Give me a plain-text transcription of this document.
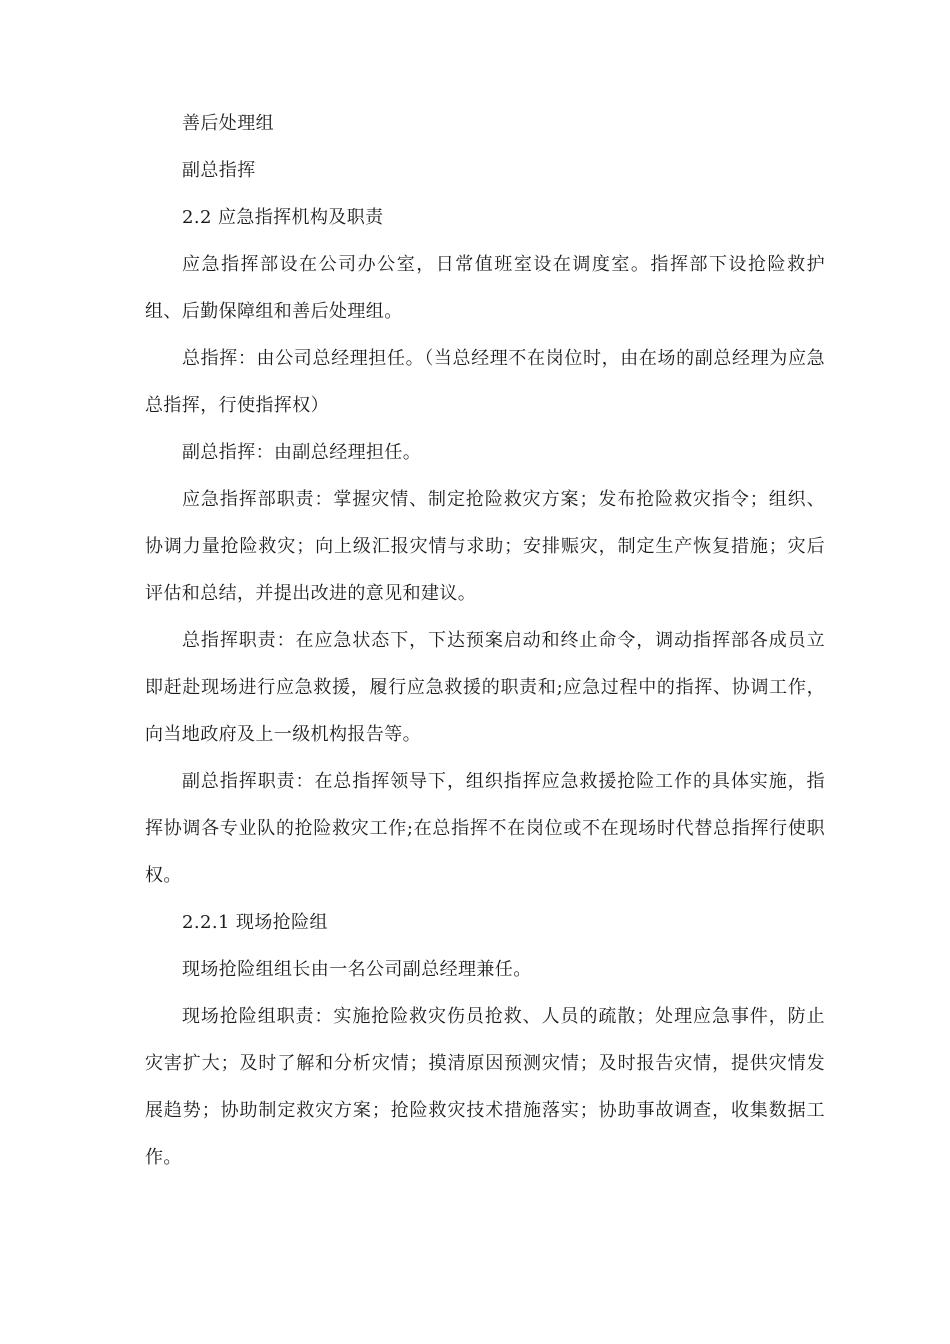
善后处理组

副总指挥

2.2 应急指挥机构及职责

应急指挥部设在公司办公室，日常值班室设在调度室。指挥部下设抢险救护组、后勤保障组和善后处理组。

总指挥：由公司总经理担任。（当总经理不在岗位时，由在场的副总经理为应急总指挥，行使指挥权）

副总指挥：由副总经理担任。

应急指挥部职责：掌握灾情、制定抢险救灾方案；发布抢险救灾指令；组织、协调力量抢险救灾；向上级汇报灾情与求助；安排赈灾，制定生产恢复措施；灾后评估和总结，并提出改进的意见和建议。

总指挥职责：在应急状态下，下达预案启动和终止命令，调动指挥部各成员立即赶赴现场进行应急救援，履行应急救援的职责和;应急过程中的指挥、协调工作，向当地政府及上一级机构报告等。

副总指挥职责：在总指挥领导下，组织指挥应急救援抢险工作的具体实施，指挥协调各专业队的抢险救灾工作;在总指挥不在岗位或不在现场时代替总指挥行使职权。

2.2.1 现场抢险组

现场抢险组组长由一名公司副总经理兼任。

现场抢险组职责：实施抢险救灾伤员抢救、人员的疏散；处理应急事件，防止灾害扩大；及时了解和分析灾情；摸清原因预测灾情；及时报告灾情，提供灾情发展趋势；协助制定救灾方案；抢险救灾技术措施落实；协助事故调查，收集数据工作。
